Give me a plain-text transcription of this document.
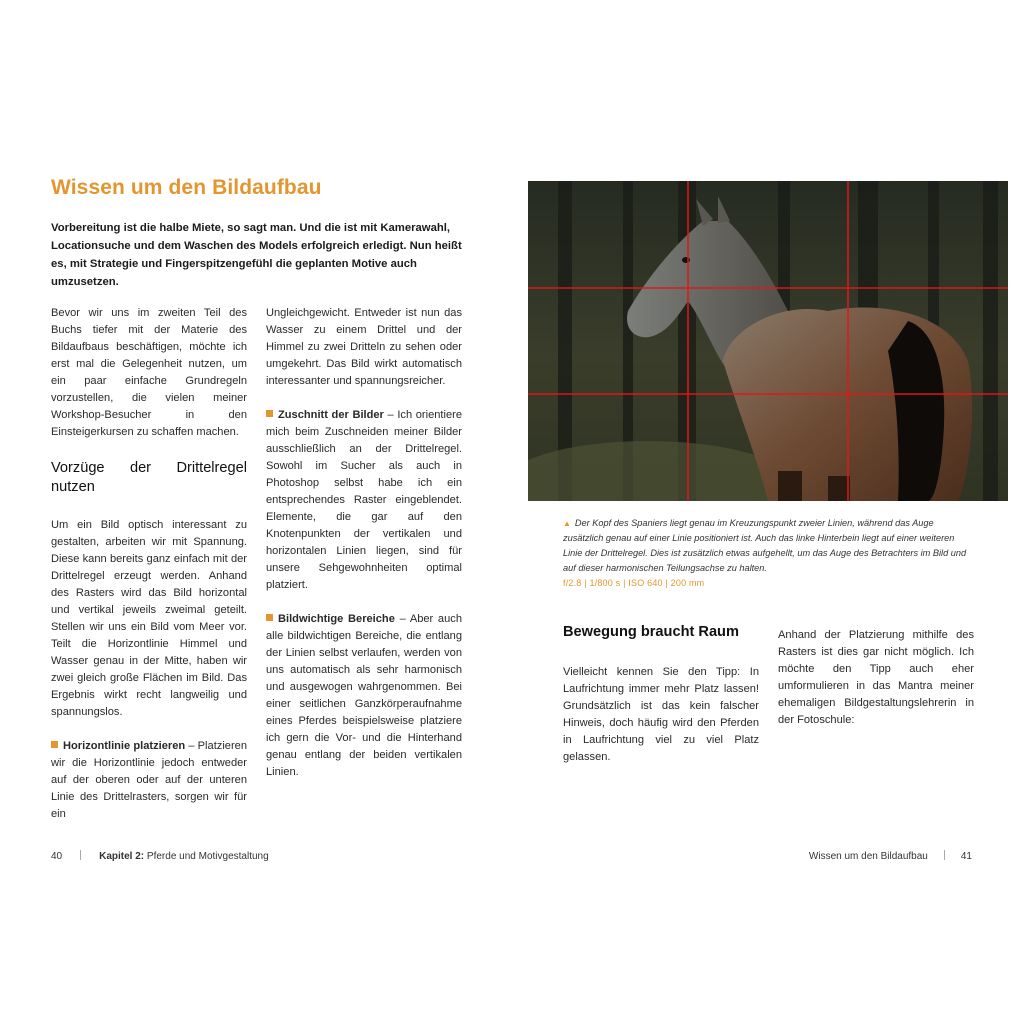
Wissen um den Bildaufbau

Vorbereitung ist die halbe Miete, so sagt man. Und die ist mit Kamerawahl, Locationsuche und dem Waschen des Models erfolgreich erledigt. Nun heißt es, mit Strategie und Fingerspitzengefühl die geplanten Motive auch umzusetzen.

Bevor wir uns im zweiten Teil des Buchs tiefer mit der Materie des Bildaufbaus beschäftigen, möchte ich erst mal die Gelegenheit nutzen, um ein paar einfache Grundregeln vorzustellen, die vielen meiner Workshop-Besucher in den Einsteigerkursen zu schaffen machen.

Vorzüge der Drittelregel nutzen

Um ein Bild optisch interessant zu gestalten, arbeiten wir mit Spannung. Diese kann bereits ganz einfach mit der Drittelregel erzeugt werden. Anhand des Rasters wird das Bild horizontal und vertikal jeweils zweimal geteilt. Stellen wir uns ein Bild vom Meer vor. Teilt die Horizontlinie Himmel und Wasser genau in der Mitte, haben wir zwei gleich große Flächen im Bild. Das Ergebnis wirkt recht langweilig und spannungslos.

Horizontlinie platzieren – Platzieren wir die Horizontlinie jedoch entweder auf der oberen oder auf der unteren Linie des Drittelrasters, sorgen wir für ein

Ungleichgewicht. Entweder ist nun das Wasser zu einem Drittel und der Himmel zu zwei Dritteln zu sehen oder umgekehrt. Das Bild wirkt automatisch interessanter und spannungsreicher.

Zuschnitt der Bilder – Ich orientiere mich beim Zuschneiden meiner Bilder ausschließlich an der Drittelregel. Sowohl im Sucher als auch in Photoshop selbst habe ich ein entsprechendes Raster eingeblendet. Elemente, die gar auf den Knotenpunkten der vertikalen und horizontalen Linien liegen, sind für unsere Sehgewohnheiten optimal platziert.

Bildwichtige Bereiche – Aber auch alle bildwichtigen Bereiche, die entlang der Linien selbst verlaufen, werden von uns automatisch als sehr harmonisch und ausgewogen wahrgenommen. Bei einer seitlichen Ganzkörperaufnahme eines Pferdes beispielsweise platziere ich gern die Vor- und die Hinterhand genau entlang der beiden vertikalen Linien.

▲ Der Kopf des Spaniers liegt genau im Kreuzungspunkt zweier Linien, während das Auge zusätzlich genau auf einer Linie positioniert ist. Auch das linke Hinterbein liegt auf einer weiteren Linie der Drittelregel. Dies ist zusätzlich etwas aufgehellt, um das Auge des Betrachters im Bild und auf dieser harmonischen Teilungsachse zu halten.

f/2.8 | 1/800 s | ISO 640 | 200 mm
Bewegung braucht Raum

Vielleicht kennen Sie den Tipp: In Laufrichtung immer mehr Platz lassen! Grundsätzlich ist das kein falscher Hinweis, doch häufig wird den Pferden in Laufrichtung viel zu viel Platz gelassen.

Anhand der Platzierung mithilfe des Rasters ist dies gar nicht möglich. Ich möchte den Tipp auch eher umformulieren in das Mantra meiner ehemaligen Bildgestaltungslehrerin in der Fotoschule:

40	Kapitel 2: Pferde und Motivgestaltung	Wissen um den Bildaufbau	41
